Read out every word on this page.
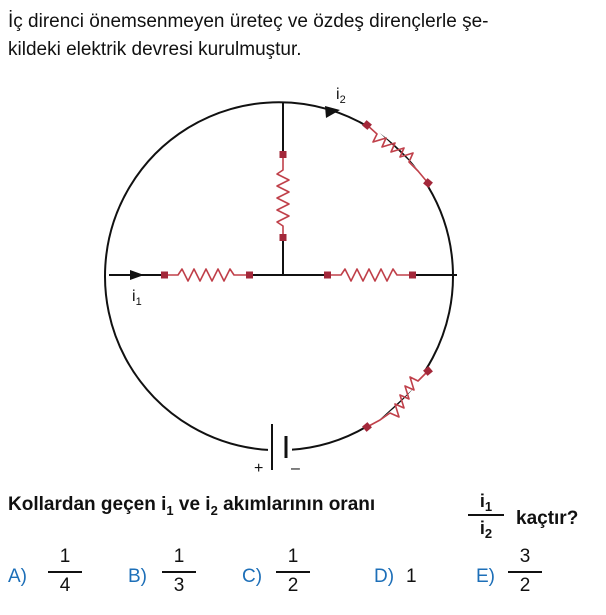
İç direnci önemsenmeyen üreteç ve özdeş dirençlerle şe-
kildeki elektrik devresi kurulmuştur.
+ –
$i_1$
$i_2$
Kollardan geçen $i_1$ ve $i_2$ akımlarının oranı	$i_1$
$i_2$
kaçtır?
A)
1
4	B)
1
3	C)
1
2	D) 1	E)
3
2
